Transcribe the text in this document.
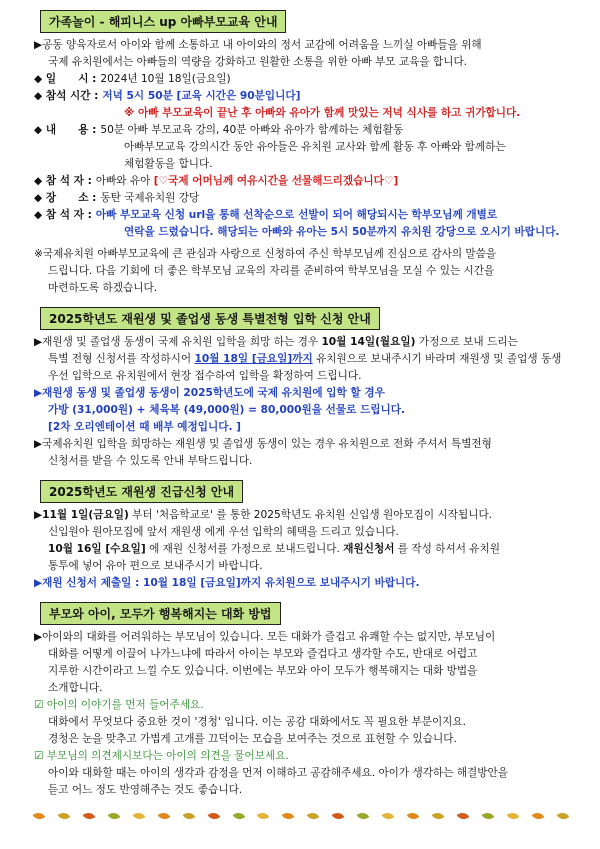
가족놀이 - 해피니스 up 아빠부모교육 안내
▶공동 양육자로서 아이와 함께 소통하고 내 아이와의 정서 교감에 어려움을 느끼실 아빠들을 위해
국제 유치원에서는 아빠들의 역량을 강화하고 원활한 소통을 위한 아빠 부모 교육을 합니다.
◆ 일      시 : 2024년 10월 18일(금요일)
◆ 참석 시간 : 저녁 5시 50분 [교육 시간은 90분입니다]
※ 아빠 부모교육이 끝난 후 아빠와 유아가 함께 맛있는 저녁 식사를 하고 귀가합니다.
◆ 내      용 : 50분 아빠 부모교육 강의, 40분 아빠와 유아가 함께하는 체험활동
아빠부모교육 강의시간 동안 유아들은 유치원 교사와 함께 활동 후 아빠와 함께하는
체험활동을 합니다.
◆ 참 석 자 : 아빠와 유아 [♡국제 어머님께 여유시간을 선물해드리겠습니다♡]
◆ 장      소 : 동탄 국제유치원 강당
◆ 참 석 자 : 아빠 부모교육 신청 url을 통해 선착순으로 선발이 되어 해당되시는 학부모님께 개별로
연락을 드렸습니다. 해당되는 아빠와 유아는 5시 50분까지 유치원 강당으로 오시기 바랍니다.
※국제유치원 아빠부모교육에 큰 관심과 사랑으로 신청하여 주신 학부모님께 진심으로 감사의 말씀을
드립니다. 다음 기회에 더 좋은 학부모님 교육의 자리를 준비하여 학부모님을 모실 수 있는 시간을
마련하도록 하겠습니다.
2025학년도 재원생 및 졸업생 동생 특별전형 입학 신청 안내
▶재원생 및 졸업생 동생이 국제 유치원 입학을 희망 하는 경우 10월 14일(월요일) 가정으로 보내 드리는
특별 전형 신청서를 작성하시어 10월 18일 [금요일]까지 유치원으로 보내주시기 바라며 재원생 및 졸업생 동생
우선 입학으로 유치원에서 현장 접수하여 입학을 확정하여 드립니다.
▶재원생 동생 및 졸업생 동생이 2025학년도에 국제 유치원에 입학 할 경우
가방 (31,000원) + 체육복 (49,000원) = 80,000원을 선물로 드립니다.
[2차 오리엔테이션 때 배부 예정입니다. ]
▶국제유치원 입학을 희망하는 재원생 및 졸업생 동생이 있는 경우 유치원으로 전화 주셔서 특별전형
신청서를 받을 수 있도록 안내 부탁드립니다.
2025학년도 재원생 진급신청 안내
▶11월 1일(금요일) 부터 '처음학교로' 를 통한 2025학년도 유치원 신입생 원아모집이 시작됩니다.
신입원아 원아모집에 앞서 재원생 에게 우선 입학의 혜택을 드리고 있습니다.
10월 16일 [수요일] 에 재원 신청서를 가정으로 보내드립니다. 재원신청서 를 작성 하셔서 유치원
통투에 넣어 유아 편으로 보내주시기 바랍니다.
▶재원 신청서 제출일 : 10월 18일 [금요일]까지 유치원으로 보내주시기 바랍니다.
부모와 아이, 모두가 행복해지는 대화 방법
▶아이와의 대화를 어려워하는 부모님이 있습니다. 모든 대화가 즐겁고 유쾌할 수는 없지만, 부모님이
대화를 어떻게 이끌어 나가느냐에 따라서 아이는 부모와 즐겁다고 생각할 수도, 반대로 어렵고
지루한 시간이라고 느낄 수도 있습니다. 이번에는 부모와 아이 모두가 행복해지는 대화 방법을
소개합니다.
☑ 아이의 이야기를 먼저 들어주세요.
대화에서 무엇보다 중요한 것이 '경청' 입니다. 이는 공감 대화에서도 꼭 필요한 부분이지요.
경청은 눈을 맞추고 가볍게 고개를 끄덕이는 모습을 보여주는 것으로 표현할 수 있습니다.
☑ 부모님의 의견제시보다는 아이의 의견을 물어보세요.
아이와 대화할 때는 아이의 생각과 감정을 먼저 이해하고 공감해주세요. 아이가 생각하는 해결방안을
듣고 어느 정도 반영해주는 것도 좋습니다.
